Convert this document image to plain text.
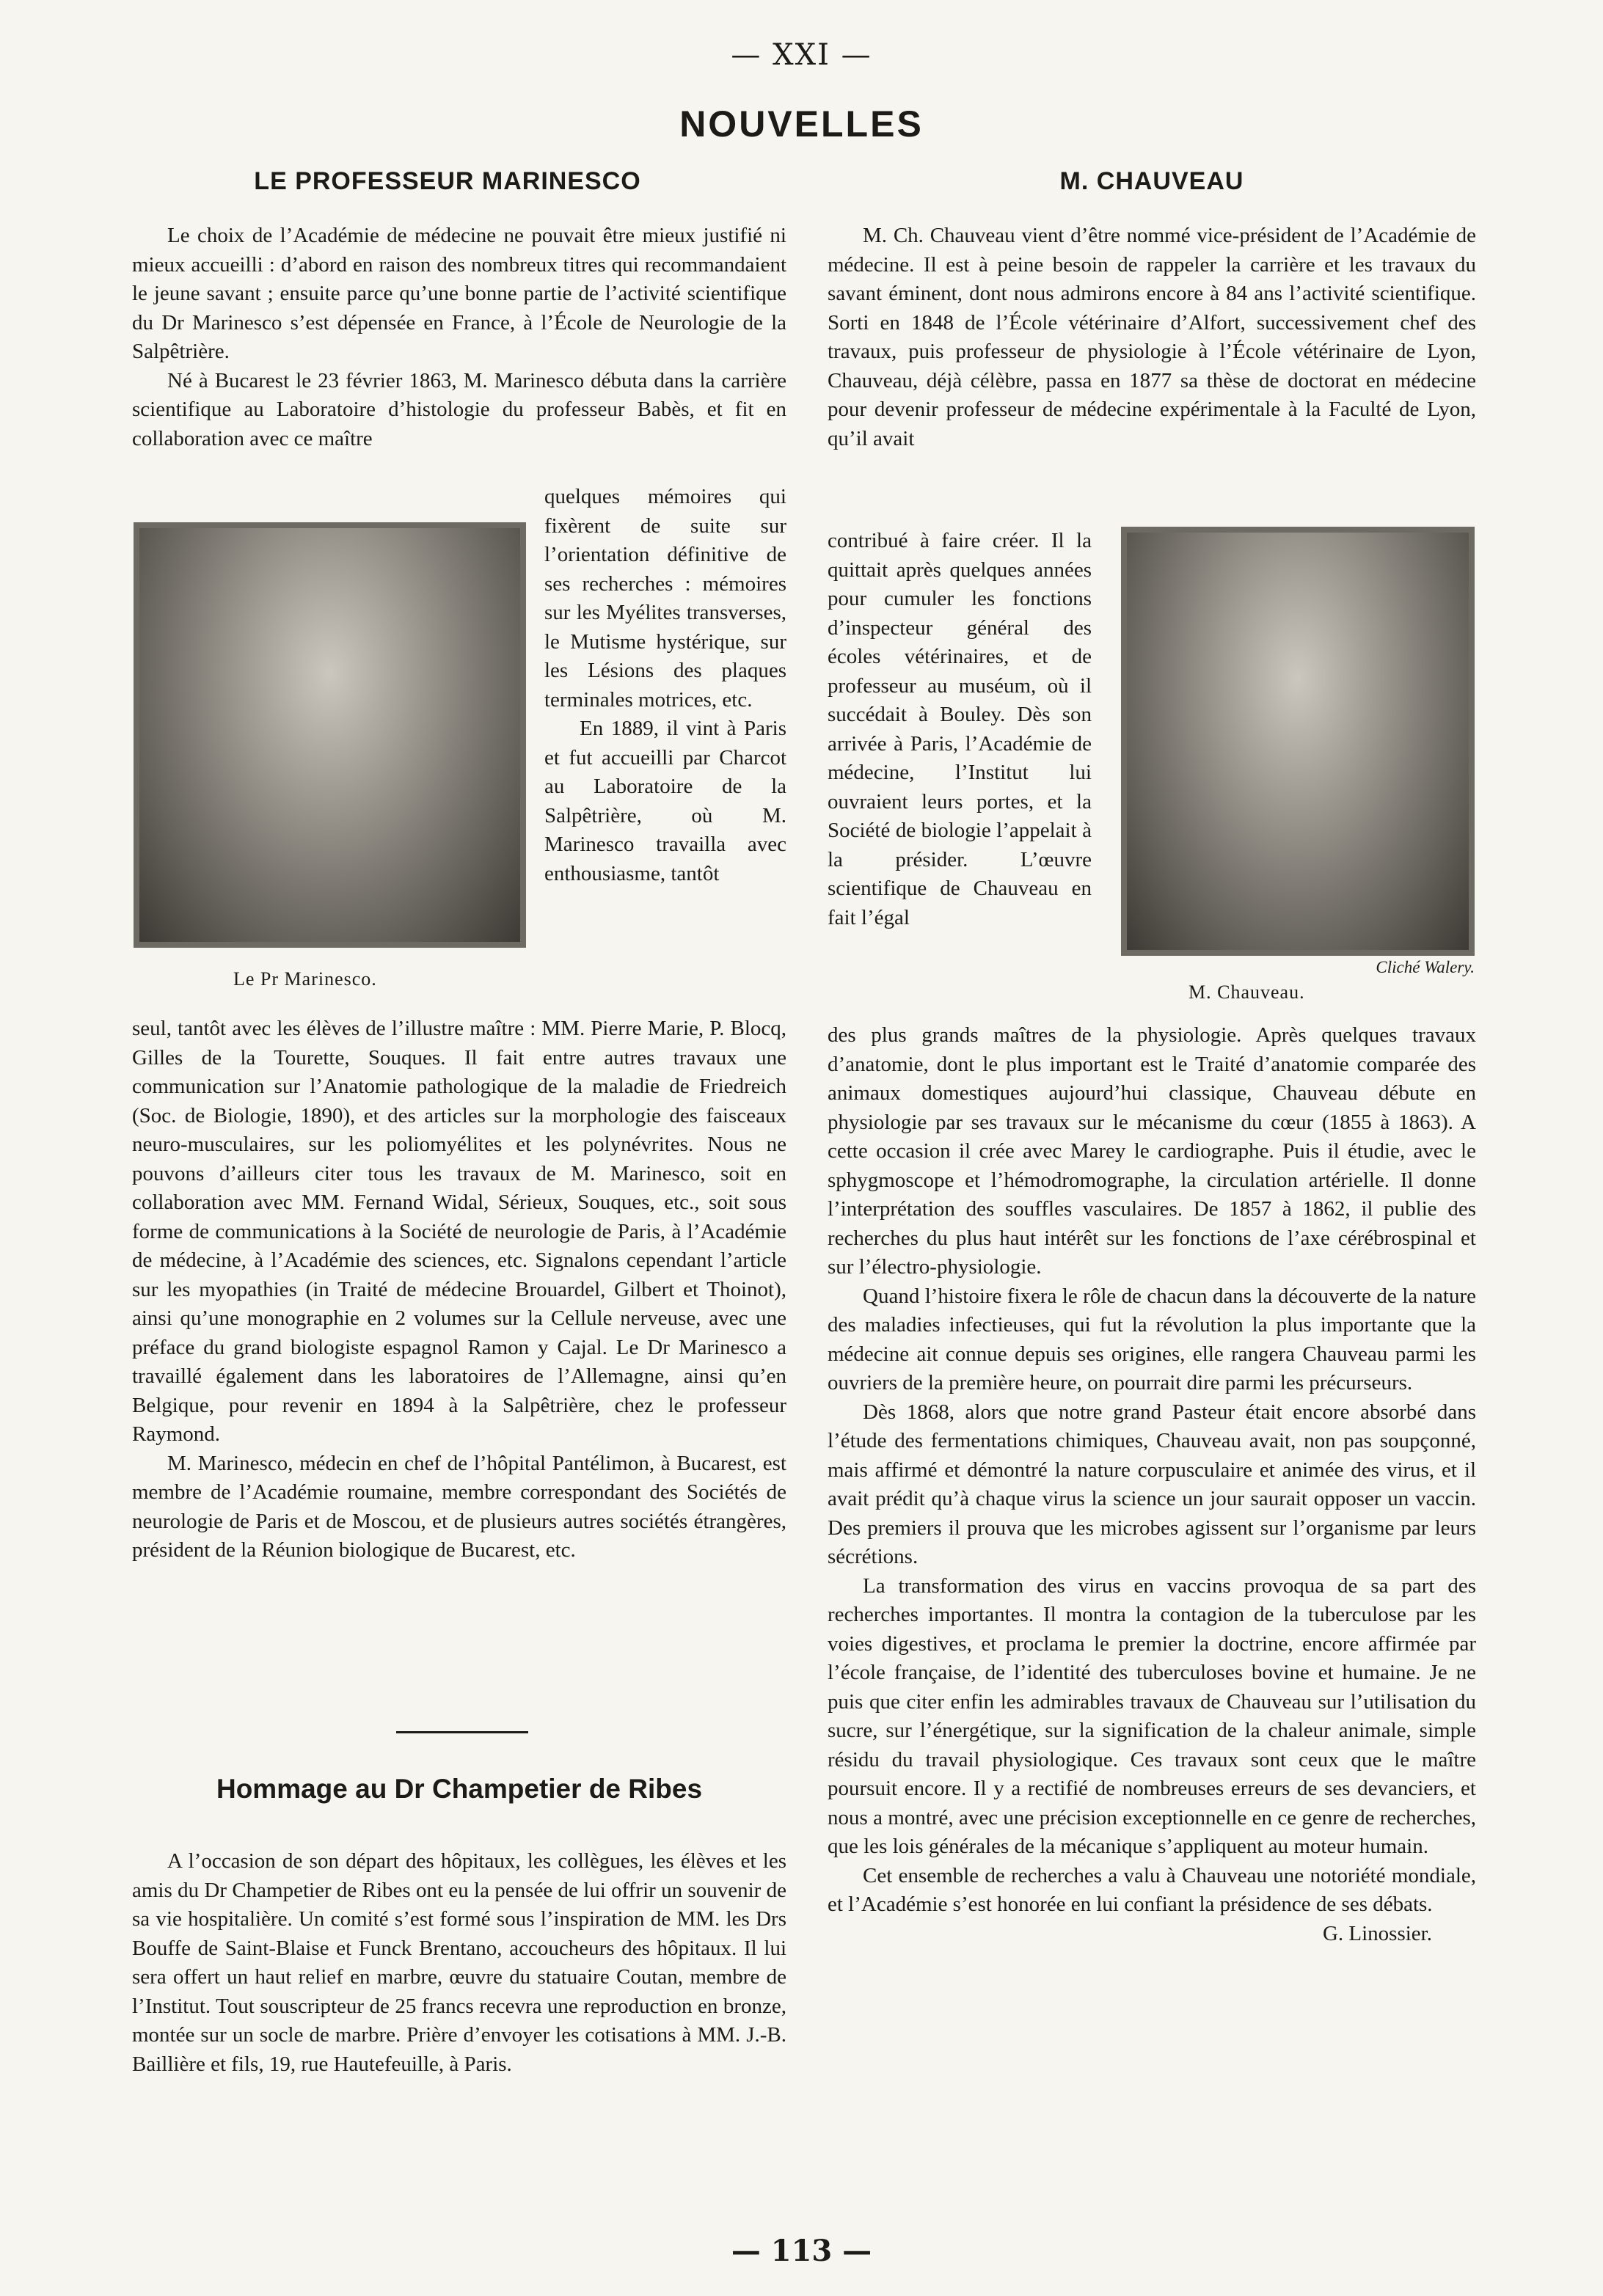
— XXI —
NOUVELLES
LE PROFESSEUR MARINESCO

Le choix de l’Académie de médecine ne pouvait être mieux justifié ni mieux accueilli : d’abord en raison des nombreux titres qui recommandaient le jeune savant ; ensuite parce qu’une bonne partie de l’activité scientifique du Dr Marinesco s’est dépensée en France, à l’École de Neurologie de la Salpêtrière.

Né à Bucarest le 23 février 1863, M. Marinesco débuta dans la carrière scientifique au Laboratoire d’histologie du professeur Babès, et fit en collaboration avec ce maître

Le Pr Marinesco.

quelques mémoires qui fixèrent de suite sur l’orientation définitive de ses recherches : mémoires sur les Myélites transverses, le Mutisme hystérique, sur les Lésions des plaques terminales motrices, etc.

En 1889, il vint à Paris et fut accueilli par Charcot au Laboratoire de la Salpêtrière, où M. Marinesco travailla avec enthousiasme, tantôt

seul, tantôt avec les élèves de l’illustre maître : MM. Pierre Marie, P. Blocq, Gilles de la Tourette, Souques. Il fait entre autres travaux une communication sur l’Anatomie pathologique de la maladie de Friedreich (Soc. de Biologie, 1890), et des articles sur la morphologie des faisceaux neuro-musculaires, sur les poliomyélites et les polynévrites. Nous ne pouvons d’ailleurs citer tous les travaux de M. Marinesco, soit en collaboration avec MM. Fernand Widal, Sérieux, Souques, etc., soit sous forme de communications à la Société de neurologie de Paris, à l’Académie de médecine, à l’Académie des sciences, etc. Signalons cependant l’article sur les myopathies (in Traité de médecine Brouardel, Gilbert et Thoinot), ainsi qu’une monographie en 2 volumes sur la Cellule nerveuse, avec une préface du grand biologiste espagnol Ramon y Cajal. Le Dr Marinesco a travaillé également dans les laboratoires de l’Allemagne, ainsi qu’en Belgique, pour revenir en 1894 à la Salpêtrière, chez le professeur Raymond.

M. Marinesco, médecin en chef de l’hôpital Pantélimon, à Bucarest, est membre de l’Académie roumaine, membre correspondant des Sociétés de neurologie de Paris et de Moscou, et de plusieurs autres sociétés étrangères, président de la Réunion biologique de Bucarest, etc.

Hommage au Dr Champetier de Ribes

A l’occasion de son départ des hôpitaux, les collègues, les élèves et les amis du Dr Champetier de Ribes ont eu la pensée de lui offrir un souvenir de sa vie hospitalière. Un comité s’est formé sous l’inspiration de MM. les Drs Bouffe de Saint-Blaise et Funck Brentano, accoucheurs des hôpitaux. Il lui sera offert un haut relief en marbre, œuvre du statuaire Coutan, membre de l’Institut. Tout souscripteur de 25 francs recevra une reproduction en bronze, montée sur un socle de marbre. Prière d’envoyer les cotisations à MM. J.-B. Baillière et fils, 19, rue Hautefeuille, à Paris.

M. CHAUVEAU

M. Ch. Chauveau vient d’être nommé vice-président de l’Académie de médecine. Il est à peine besoin de rappeler la carrière et les travaux du savant éminent, dont nous admirons encore à 84 ans l’activité scientifique. Sorti en 1848 de l’École vétérinaire d’Alfort, successivement chef des travaux, puis professeur de physiologie à l’École vétérinaire de Lyon, Chauveau, déjà célèbre, passa en 1877 sa thèse de doctorat en médecine pour devenir professeur de médecine expérimentale à la Faculté de Lyon, qu’il avait

contribué à faire créer. Il la quittait après quelques années pour cumuler les fonctions d’inspecteur général des écoles vétérinaires, et de professeur au muséum, où il succédait à Bouley. Dès son arrivée à Paris, l’Académie de médecine, l’Institut lui ouvraient leurs portes, et la Société de biologie l’appelait à la présider. L’œuvre scientifique de Chauveau en fait l’égal

Cliché Walery.
M. Chauveau.

des plus grands maîtres de la physiologie. Après quelques travaux d’anatomie, dont le plus important est le Traité d’anatomie comparée des animaux domestiques aujourd’hui classique, Chauveau débute en physiologie par ses travaux sur le mécanisme du cœur (1855 à 1863). A cette occasion il crée avec Marey le cardiographe. Puis il étudie, avec le sphygmoscope et l’hémodromographe, la circulation artérielle. Il donne l’interprétation des souffles vasculaires. De 1857 à 1862, il publie des recherches du plus haut intérêt sur les fonctions de l’axe cérébrospinal et sur l’électro-physiologie.

Quand l’histoire fixera le rôle de chacun dans la découverte de la nature des maladies infectieuses, qui fut la révolution la plus importante que la médecine ait connue depuis ses origines, elle rangera Chauveau parmi les ouvriers de la première heure, on pourrait dire parmi les précurseurs.

Dès 1868, alors que notre grand Pasteur était encore absorbé dans l’étude des fermentations chimiques, Chauveau avait, non pas soupçonné, mais affirmé et démontré la nature corpusculaire et animée des virus, et il avait prédit qu’à chaque virus la science un jour saurait opposer un vaccin. Des premiers il prouva que les microbes agissent sur l’organisme par leurs sécrétions.

La transformation des virus en vaccins provoqua de sa part des recherches importantes. Il montra la contagion de la tuberculose par les voies digestives, et proclama le premier la doctrine, encore affirmée par l’école française, de l’identité des tuberculoses bovine et humaine. Je ne puis que citer enfin les admirables travaux de Chauveau sur l’utilisation du sucre, sur l’énergétique, sur la signification de la chaleur animale, simple résidu du travail physiologique. Ces travaux sont ceux que le maître poursuit encore. Il y a rectifié de nombreuses erreurs de ses devanciers, et nous a montré, avec une précision exceptionnelle en ce genre de recherches, que les lois générales de la mécanique s’appliquent au moteur humain.

Cet ensemble de recherches a valu à Chauveau une notoriété mondiale, et l’Académie s’est honorée en lui confiant la présidence de ses débats.

G. Linossier.
— 113 —
